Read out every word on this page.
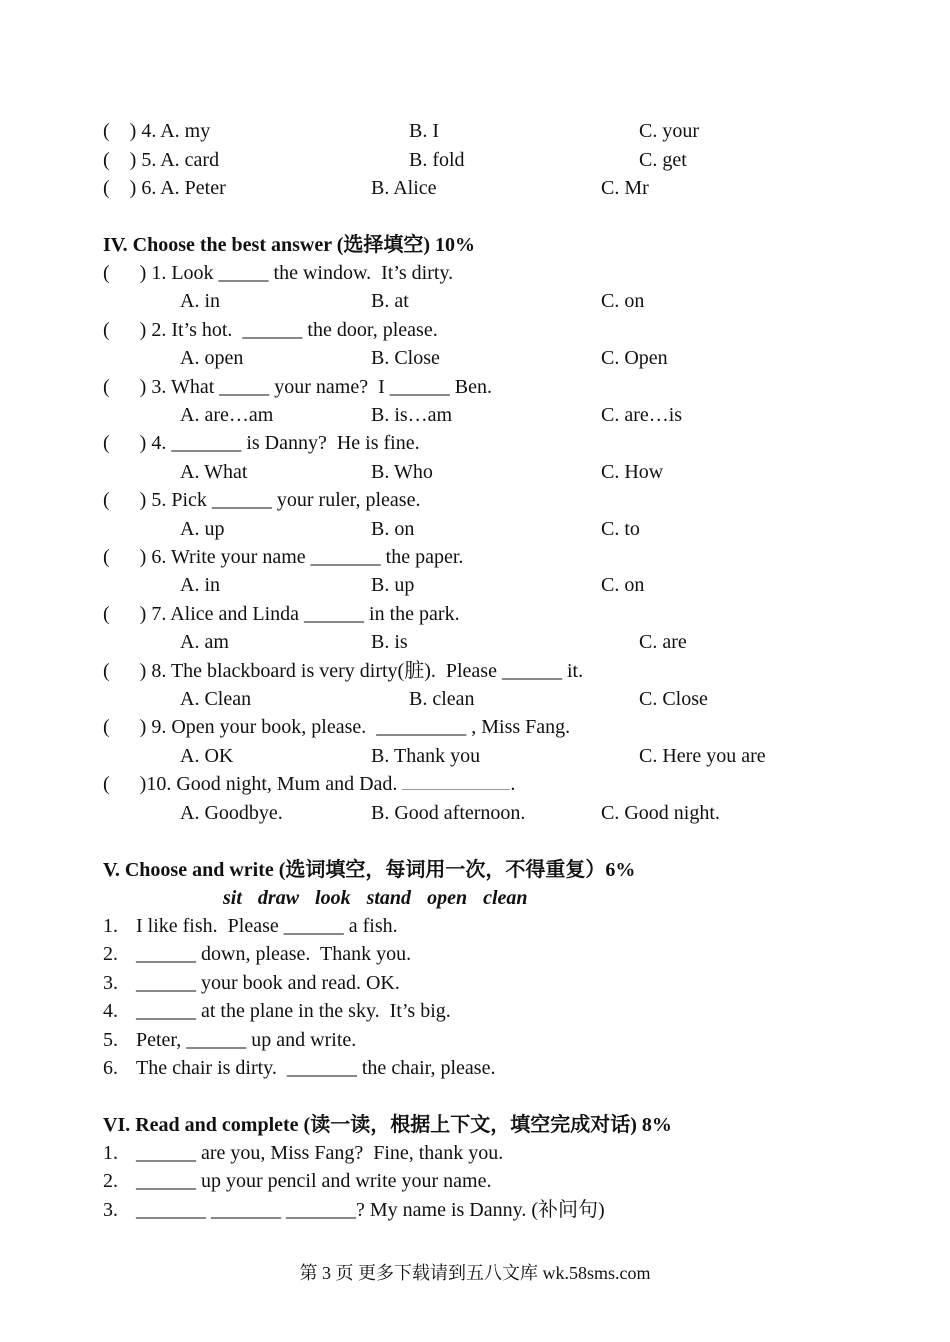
(    ) 4. A. my	B. I	C. your
(    ) 5. A. card	B. fold	C. get
(    ) 6. A. Peter	B. Alice	C. Mr
IV. Choose the best answer (选择填空) 10%
(      ) 1. Look _____ the window.  It’s dirty.
A. in	B. at	C. on
(      ) 2. It’s hot.  ______ the door, please.
A. open	B. Close	C. Open
(      ) 3. What _____ your name?  I ______ Ben.
A. are…am	B. is…am	C. are…is
(      ) 4. _______ is Danny?  He is fine.
A. What	B. Who	C. How
(      ) 5. Pick ______ your ruler, please.
A. up	B. on	C. to
(      ) 6. Write your name _______ the paper.
A. in	B. up	C. on
(      ) 7. Alice and Linda ______ in the park.
A. am	B. is	C. are
(      ) 8. The blackboard is very dirty(脏).  Please ______ it.
A. Clean	B. clean	C. Close
(      ) 9. Open your book, please.  _________ , Miss Fang.
A. OK	B. Thank you	C. Here you are
(      )10. Good night, Mum and Dad.	.
A. Goodbye.	B. Good afternoon.	C. Good night.
V. Choose and write (选词填空，每词用一次，不得重复）6%
sit draw look stand open clean
1. I like fish.  Please ______ a fish.
2. ______ down, please.  Thank you.
3. ______ your book and read. OK.
4. ______ at the plane in the sky.  It’s big.
5. Peter, ______ up and write.
6. The chair is dirty.  _______ the chair, please.
VI. Read and complete (读一读，根据上下文，填空完成对话) 8%
1. ______ are you, Miss Fang?  Fine, thank you.
2. ______ up your pencil and write your name.
3. _______ _______ _______? My name is Danny. (补问句)
第 3 页 更多下载请到五八文库 wk.58sms.com
